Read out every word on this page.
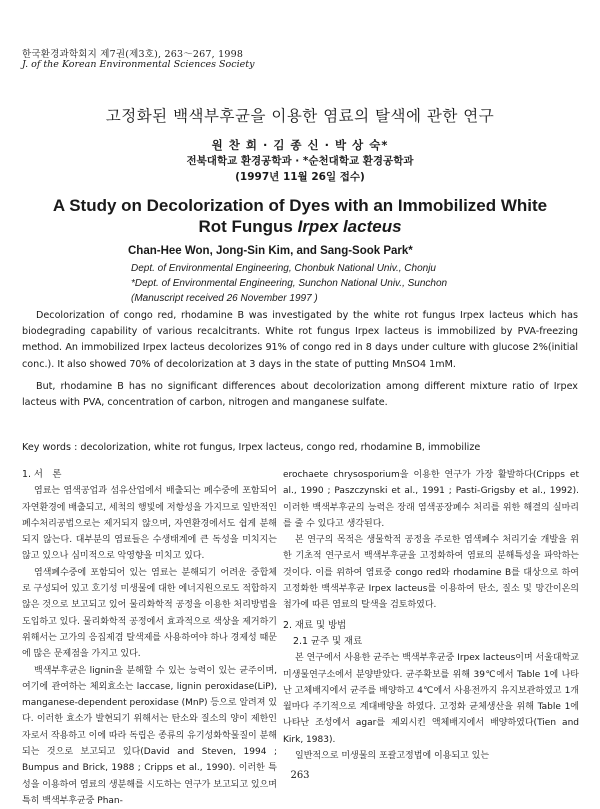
한국환경과학회지 제7권(제3호), 263～267, 1998
J. of the Korean Environmental Sciences Society
고정화된 백색부후균을 이용한 염료의 탈색에 관한 연구
원 찬 희 · 김 종 신 · 박 상 숙*
전북대학교 환경공학과 · *순천대학교 환경공학과
(1997년 11월 26일 접수)
A Study on Decolorization of Dyes with an Immobilized White
Rot Fungus Irpex lacteus
Chan-Hee Won, Jong-Sin Kim, and Sang-Sook Park*
Dept. of Environmental Engineering, Chonbuk National Univ., Chonju
*Dept. of Environmental Engineering, Sunchon National Univ., Sunchon
(Manuscript received 26 November 1997 )

Decolorization of congo red, rhodamine B was investigated by the white rot fungus Irpex lacteus which has biodegrading capability of various recalcitrants. White rot fungus Irpex lacteus is immobilized by PVA-freezing method. An immobilized Irpex lacteus decolorizes 91% of congo red in 8 days under culture with glucose 2%(initial conc.). It also showed 70% of decolorization at 3 days in the state of putting MnSO4 1mM.

But, rhodamine B has no significant differences about decolorization among different mixture ratio of Irpex lacteus with PVA, concentration of carbon, nitrogen and manganese sulfate.

Key words : decolorization, white rot fungus, Irpex lacteus, congo red, rhodamine B, immobilize
1. 서　론

염료는 염색공업과 섬유산업에서 배출되는 폐수중에 포함되어 자연환경에 배출되고, 세척의 행빛에 저항성을 가지므로 일반적인 폐수처리공법으로는 제거되지 않으며, 자연환경에서도 쉽게 분해되지 않는다. 대부분의 염료들은 수생태계에 큰 독성을 미치지는 않고 있으나 심미적으로 악영향을 미치고 있다.

염색폐수중에 포함되어 있는 염료는 분해되기 어려운 중합체로 구성되어 있고 호기성 미생물에 대한 에너지원으로도 적합하지 않은 것으로 보고되고 있어 물리화학적 공정을 이용한 처리방법을 도입하고 있다. 물리화학적 공정에서 효과적으로 색상을 제거하기 위해서는 고가의 응집제겸 탈색제를 사용하여야 하나 경제성 때문에 많은 문제점을 가지고 있다.

백색부후균은 lignin을 분해할 수 있는 능력이 있는 균주이며, 여기에 관여하는 체외효소는 laccase, lignin peroxidase(LiP), manganese-dependent peroxidase (MnP) 등으로 알려져 있다. 이러한 효소가 발현되기 위해서는 탄소와 질소의 양이 제한인자로서 작용하고 이에 따라 독립은 종류의 유기성화학물질이 분해되는 것으로 보고되고 있다(David and Steven, 1994 ; Bumpus and Brick, 1988 ; Cripps et al., 1990). 이러한 특성을 이용하여 염료의 생분해를 시도하는 연구가 보고되고 있으며 특히 백색부후균중 Phan-

erochaete chrysosporium을 이용한 연구가 가장 활발하다(Cripps et al., 1990 ; Paszczynski et al., 1991 ; Pasti-Grigsby et al., 1992). 이러한 백색부후균의 능력은 장래 염색공장폐수 처리를 위한 해결의 실마리를 줄 수 있다고 생각된다.

본 연구의 목적은 생물학적 공정을 주로한 염색폐수 처리기술 개발을 위한 기초적 연구로서 백색부후균을 고정화하여 염료의 분해특성을 파악하는 것이다. 이를 위하여 염료중 congo red와 rhodamine B를 대상으로 하여 고정화한 백색부후균 Irpex lacteus를 이용하여 탄소, 질소 및 망간이온의 첨가에 따른 염료의 탈색을 검토하였다.

2. 재료 및 방법
2.1 균주 및 재료

본 연구에서 사용한 균주는 백색부후균중 Irpex lacteus이며 서울대학교 미생물연구소에서 분양받았다. 균주확보를 위해 39℃에서 Table 1에 나타난 고체배지에서 균주를 배양하고 4℃에서 사용전까지 유지보관하였고 1개월마다 주기적으로 계대배양을 하였다. 고정화 균체생산을 위해 Table 1에 나타난 조성에서 agar를 제외시킨 액체배지에서 배양하였다(Tien and Kirk, 1983).

일반적으로 미생물의 포괄고정법에 이용되고 있는

263
